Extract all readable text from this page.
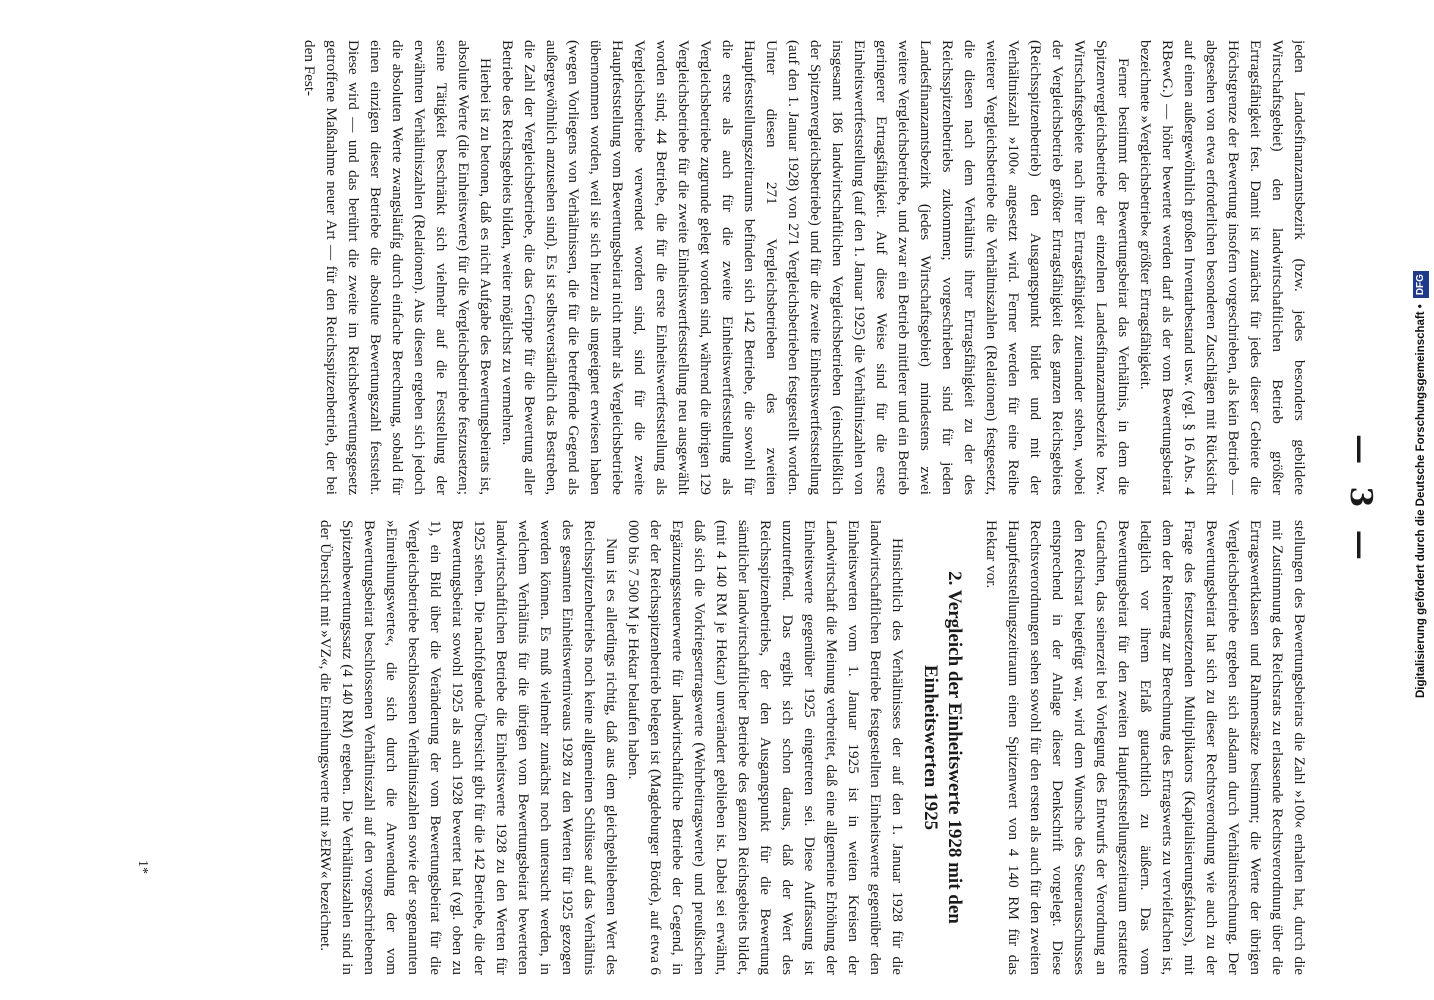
— 3 —

jeden Landesfinanzamtsbezirk (bzw. jedes besonders gebildete Wirtschaftsgebiet) den landwirtschaftlichen Betrieb größter Ertragsfähigkeit fest. Damit ist zunächst für jedes dieser Gebiete die Höchstgrenze der Bewertung insofern vorgeschrieben, als kein Betrieb — abgesehen von etwa erforderlichen besonderen Zuschlägen mit Rücksicht auf einen außergewöhnlich großen Inventarbestand usw. (vgl. § 16 Abs. 4 RBewG.) — höher bewertet werden darf als der vom Bewertungsbeirat bezeichnete »Vergleichsbetrieb« größter Ertragsfähigkeit.

Ferner bestimmt der Bewertungsbeirat das Verhältnis, in dem die Spitzenvergleichsbetriebe der einzelnen Landesfinanzamtsbezirke bzw. Wirtschaftsgebiete nach ihrer Ertragsfähigkeit zueinander stehen, wobei der Vergleichsbetrieb größter Ertragsfähigkeit des ganzen Reichsgebiets (Reichsspitzenbetrieb) den Ausgangspunkt bildet und mit der Verhältniszahl »100« angesetzt wird. Ferner werden für eine Reihe weiterer Vergleichsbetriebe die Verhältniszahlen (Relationen) festgesetzt, die diesen nach dem Verhältnis ihrer Ertragsfähigkeit zu der des Reichsspitzenbetriebs zukommen; vorgeschrieben sind für jeden Landesfinanzamtsbezirk (jedes Wirtschaftsgebiet) mindestens zwei weitere Vergleichsbetriebe, und zwar ein Betrieb mittlerer und ein Betrieb geringerer Ertragsfähigkeit. Auf diese Weise sind für die erste Einheitswertfeststellung (auf den 1. Januar 1925) die Verhältniszahlen von insgesamt 186 landwirtschaftlichen Vergleichsbetrieben (einschließlich der Spitzenvergleichsbetriebe) und für die zweite Einheitswertfeststellung (auf den 1. Januar 1928) von 271 Vergleichsbetrieben festgestellt worden. Unter diesen 271 Vergleichsbetrieben des zweiten Hauptfeststellungszeitraums befinden sich 142 Betriebe, die sowohl für die erste als auch für die zweite Einheitswertfeststellung als Vergleichsbetriebe zugrunde gelegt worden sind, während die übrigen 129 Vergleichsbetriebe für die zweite Einheitswertfeststellung neu ausgewählt worden sind; 44 Betriebe, die für die erste Einheitswertfeststellung als Vergleichsbetriebe verwendet worden sind, sind für die zweite Hauptfeststellung vom Bewertungsbeirat nicht mehr als Vergleichsbetriebe übernommen worden, weil sie sich hierzu als ungeeignet erwiesen haben (wegen Vorliegens von Verhältnissen, die für die betreffende Gegend als außergewöhnlich anzusehen sind). Es ist selbstverständlich das Bestreben, die Zahl der Vergleichsbetriebe, die das Gerippe für die Bewertung aller Betriebe des Reichsgebiets bilden, weiter möglichst zu vermehren.

Hierbei ist zu betonen, daß es nicht Aufgabe des Bewertungsbeirats ist, absolute Werte (die Einheitswerte) für die Vergleichsbetriebe festzusetzen; seine Tätigkeit beschränkt sich vielmehr auf die Feststellung der erwähnten Verhältniszahlen (Relationen). Aus diesen ergeben sich jedoch die absoluten Werte zwangsläufig durch einfache Berechnung, sobald für einen einzigen dieser Betriebe die absolute Bewertungszahl feststeht. Diese wird — und das berührt die zweite im Reichsbewertungsgesetz getroffene Maßnahme neuer Art — für den Reichsspitzenbetrieb, der bei den Fest-

stellungen des Bewertungsbeirats die Zahl »100« erhalten hat, durch die mit Zustimmung des Reichsrats zu erlassende Rechtsverordnung über die Ertragswertklassen und Rahmensätze bestimmt; die Werte der übrigen Vergleichsbetriebe ergeben sich alsdann durch Verhältnisrechnung. Der Bewertungsbeirat hat sich zu dieser Rechtsverordnung wie auch zu der Frage des festzusetzenden Multiplikators (Kapitalisierungsfaktors), mit dem der Reinertrag zur Berechnung des Ertragswerts zu vervielfachen ist, lediglich vor ihrem Erlaß gutachtlich zu äußern. Das vom Bewertungsbeirat für den zweiten Hauptfeststellungszeitraum erstattete Gutachten, das seinerzeit bei Vorlegung des Entwurfs der Verordnung an den Reichsrat beigefügt war, wird dem Wunsche des Steuerausschusses entsprechend in der Anlage dieser Denkschrift vorgelegt. Diese Rechtsverordnungen sehen sowohl für den ersten als auch für den zweiten Hauptfeststellungszeitraum einen Spitzenwert von 4 140 RM für das Hektar vor.

2. Vergleich der Einheitswerte 1928 mit den Einheitswerten 1925

Hinsichtlich des Verhältnisses der auf den 1. Januar 1928 für die landwirtschaftlichen Betriebe festgestellten Einheitswerte gegenüber den Einheitswerten vom 1. Januar 1925 ist in weiten Kreisen der Landwirtschaft die Meinung verbreitet, daß eine allgemeine Erhöhung der Einheitswerte gegenüber 1925 eingetreten sei. Diese Auffassung ist unzutreffend. Das ergibt sich schon daraus, daß der Wert des Reichsspitzenbetriebs, der den Ausgangspunkt für die Bewertung sämtlicher landwirtschaftlicher Betriebe des ganzen Reichsgebiets bildet, (mit 4 140 RM je Hektar) unverändert geblieben ist. Dabei sei erwähnt, daß sich die Vorkriegsertragswerte (Wehrbeitragswerte) und preußischen Ergänzungssteuerwerte für landwirtschaftliche Betriebe der Gegend, in der der Reichsspitzenbetrieb belegen ist (Magdeburger Börde), auf etwa 6 000 bis 7 500 M je Hektar belaufen haben.

Nun ist es allerdings richtig, daß aus dem gleichgebliebenen Wert des Reichsspitzenbetriebs noch keine allgemeinen Schlüsse auf das Verhältnis des gesamten Einheitswertniveaus 1928 zu den Werten für 1925 gezogen werden können. Es muß vielmehr zunächst noch untersucht werden, in welchem Verhältnis für die übrigen vom Bewertungsbeirat bewerteten landwirtschaftlichen Betriebe die Einheitswerte 1928 zu den Werten für 1925 stehen. Die nachfolgende Übersicht gibt für die 142 Betriebe, die der Bewertungsbeirat sowohl 1925 als auch 1928 bewertet hat (vgl. oben zu 1), ein Bild über die Veränderung der vom Bewertungsbeirat für die Vergleichsbetriebe beschlossenen Verhältniszahlen sowie der sogenannten »Einreihungswerte«, die sich durch die Anwendung der vom Bewertungsbeirat beschlossenen Verhältniszahl auf den vorgeschriebenen Spitzenbewertungssatz (4 140 RM) ergeben. Die Verhältniszahlen sind in der Übersicht mit »VZ«, die Einreihungswerte mit »ERW« bezeichnet.

1*
Digitalisierung gefördert durch die Deutsche Forschungsgemeinschaft •
DFG
